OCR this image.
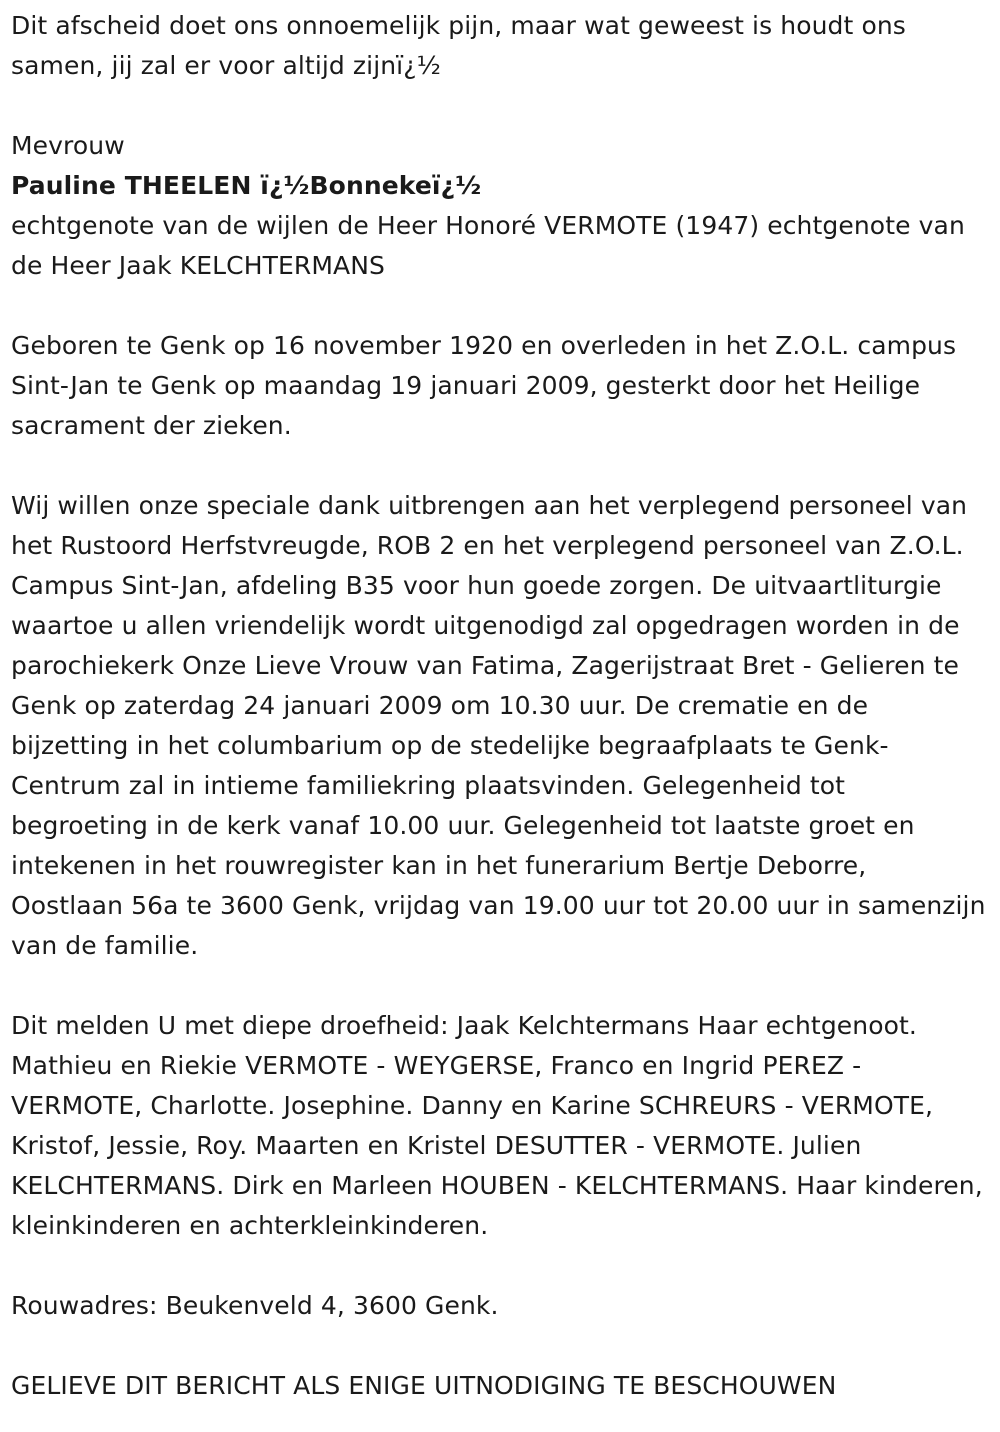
Dit afscheid doet ons onnoemelijk pijn, maar wat geweest is houdt ons samen, jij zal er voor altijd zijnï¿½

Mevrouw

Pauline THEELEN ï¿½Bonnekeï¿½

echtgenote van de wijlen de Heer Honoré VERMOTE (1947) echtgenote van de Heer Jaak KELCHTERMANS

Geboren te Genk op 16 november 1920 en overleden in het Z.O.L. campus Sint-Jan te Genk op maandag 19 januari 2009, gesterkt door het Heilige sacrament der zieken.

Wij willen onze speciale dank uitbrengen aan het verplegend personeel van het Rustoord Herfstvreugde, ROB 2 en het verplegend personeel van Z.O.L. Campus Sint-Jan, afdeling B35 voor hun goede zorgen. De uitvaartliturgie waartoe u allen vriendelijk wordt uitgenodigd zal opgedragen worden in de parochiekerk Onze Lieve Vrouw van Fatima, Zagerijstraat Bret - Gelieren te Genk op zaterdag 24 januari 2009 om 10.30 uur. De crematie en de bijzetting in het columbarium op de stedelijke begraafplaats te Genk-Centrum zal in intieme familiekring plaatsvinden. Gelegenheid tot begroeting in de kerk vanaf 10.00 uur. Gelegenheid tot laatste groet en intekenen in het rouwregister kan in het funerarium Bertje Deborre, Oostlaan 56a te 3600 Genk, vrijdag van 19.00 uur tot 20.00 uur in samenzijn van de familie.

Dit melden U met diepe droefheid: Jaak Kelchtermans Haar echtgenoot. Mathieu en Riekie VERMOTE - WEYGERSE, Franco en Ingrid PEREZ - VERMOTE, Charlotte. Josephine. Danny en Karine SCHREURS - VERMOTE, Kristof, Jessie, Roy. Maarten en Kristel DESUTTER - VERMOTE. Julien KELCHTERMANS. Dirk en Marleen HOUBEN - KELCHTERMANS. Haar kinderen, kleinkinderen en achterkleinkinderen.

Rouwadres: Beukenveld 4, 3600 Genk.

GELIEVE DIT BERICHT ALS ENIGE UITNODIGING TE BESCHOUWEN
